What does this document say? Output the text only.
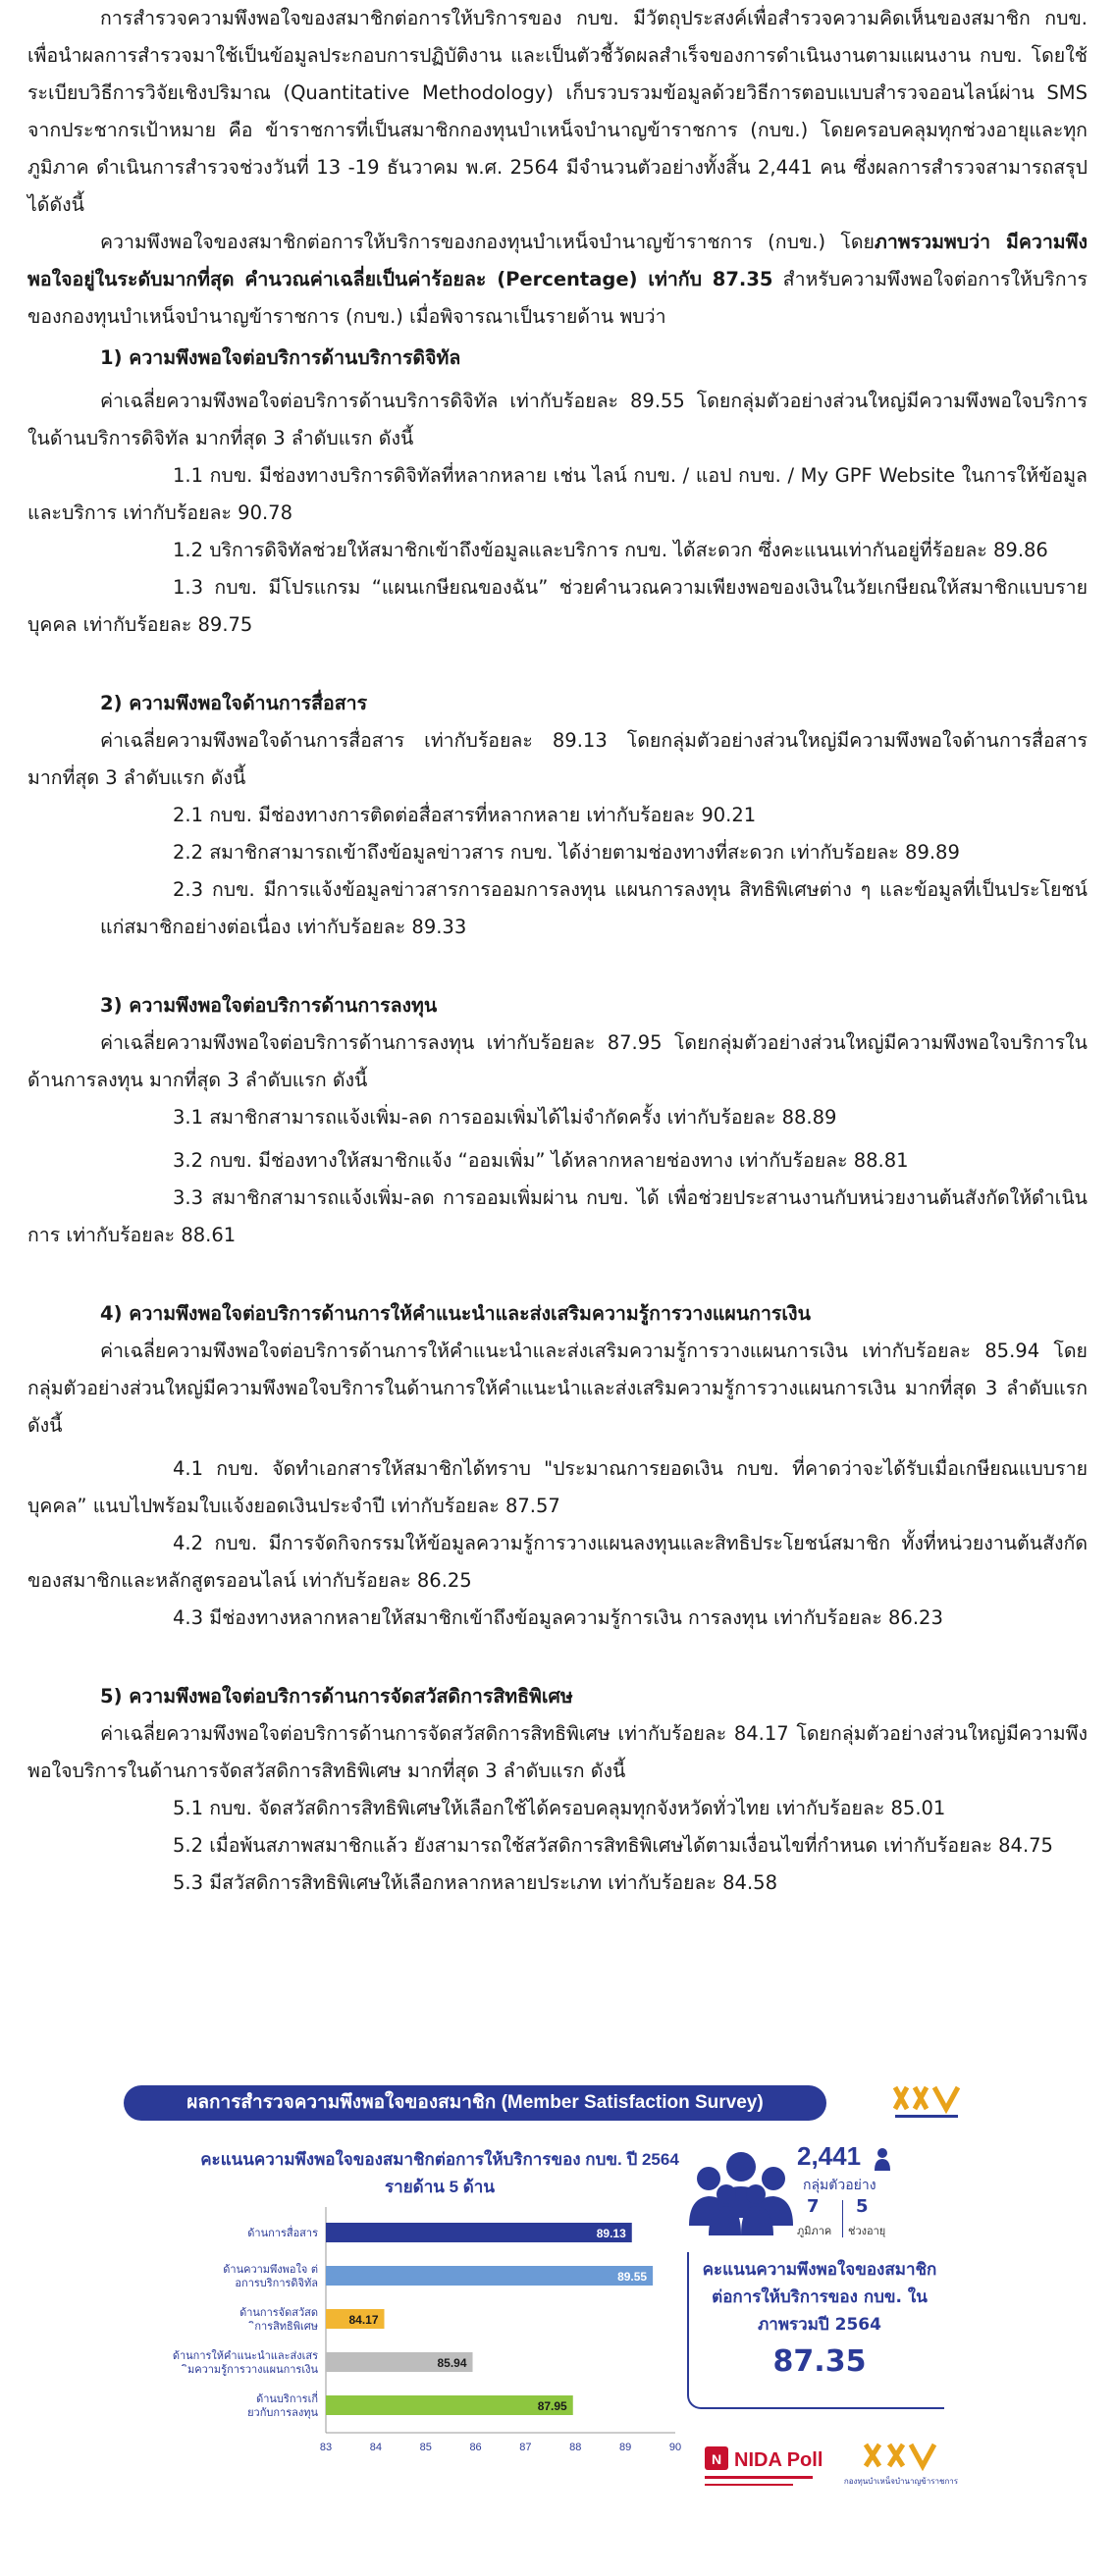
การสำรวจความพึงพอใจของสมาชิกต่อการให้บริการของ กบข. มีวัตถุประสงค์เพื่อสำรวจความคิดเห็นของสมาชิก กบข. เพื่อนำผลการสำรวจมาใช้เป็นข้อมูลประกอบการปฏิบัติงาน และเป็นตัวชี้วัดผลสำเร็จของการดำเนินงานตามแผนงาน กบข. โดยใช้ระเบียบวิธีการวิจัยเชิงปริมาณ (Quantitative Methodology) เก็บรวบรวมข้อมูลด้วยวิธีการตอบแบบสำรวจออนไลน์ผ่าน SMS จากประชากรเป้าหมาย คือ ข้าราชการที่เป็นสมาชิกกองทุนบำเหน็จบำนาญข้าราชการ (กบข.) โดยครอบคลุมทุกช่วงอายุและทุกภูมิภาค ดำเนินการสำรวจช่วงวันที่ 13 -19 ธันวาคม พ.ศ. 2564 มีจำนวนตัวอย่างทั้งสิ้น 2,441 คน ซึ่งผลการสำรวจสามารถสรุปได้ดังนี้

ความพึงพอใจของสมาชิกต่อการให้บริการของกองทุนบำเหน็จบำนาญข้าราชการ (กบข.) โดยภาพรวมพบว่า มีความพึงพอใจอยู่ในระดับมากที่สุด คำนวณค่าเฉลี่ยเป็นค่าร้อยละ (Percentage) เท่ากับ 87.35 สำหรับความพึงพอใจต่อการให้บริการของกองทุนบำเหน็จบำนาญข้าราชการ (กบข.) เมื่อพิจารณาเป็นรายด้าน พบว่า

1) ความพึงพอใจต่อบริการด้านบริการดิจิทัล

ค่าเฉลี่ยความพึงพอใจต่อบริการด้านบริการดิจิทัล เท่ากับร้อยละ 89.55 โดยกลุ่มตัวอย่างส่วนใหญ่มีความพึงพอใจบริการในด้านบริการดิจิทัล มากที่สุด 3 ลำดับแรก ดังนี้

1.1 กบข. มีช่องทางบริการดิจิทัลที่หลากหลาย เช่น ไลน์ กบข. / แอป กบข. / My GPF Website ในการให้ข้อมูลและบริการ เท่ากับร้อยละ 90.78

1.2 บริการดิจิทัลช่วยให้สมาชิกเข้าถึงข้อมูลและบริการ กบข. ได้สะดวก ซึ่งคะแนนเท่ากันอยู่ที่ร้อยละ 89.86

1.3 กบข. มีโปรแกรม “แผนเกษียณของฉัน” ช่วยคำนวณความเพียงพอของเงินในวัยเกษียณให้สมาชิกแบบรายบุคคล เท่ากับร้อยละ 89.75

2) ความพึงพอใจด้านการสื่อสาร

ค่าเฉลี่ยความพึงพอใจด้านการสื่อสาร เท่ากับร้อยละ 89.13 โดยกลุ่มตัวอย่างส่วนใหญ่มีความพึงพอใจด้านการสื่อสาร มากที่สุด 3 ลำดับแรก ดังนี้

2.1 กบข. มีช่องทางการติดต่อสื่อสารที่หลากหลาย เท่ากับร้อยละ 90.21

2.2 สมาชิกสามารถเข้าถึงข้อมูลข่าวสาร กบข. ได้ง่ายตามช่องทางที่สะดวก เท่ากับร้อยละ 89.89

2.3 กบข. มีการแจ้งข้อมูลข่าวสารการออมการลงทุน แผนการลงทุน สิทธิพิเศษต่าง ๆ และข้อมูลที่เป็นประโยชน์แก่สมาชิกอย่างต่อเนื่อง เท่ากับร้อยละ 89.33

3) ความพึงพอใจต่อบริการด้านการลงทุน

ค่าเฉลี่ยความพึงพอใจต่อบริการด้านการลงทุน เท่ากับร้อยละ 87.95 โดยกลุ่มตัวอย่างส่วนใหญ่มีความพึงพอใจบริการในด้านการลงทุน มากที่สุด 3 ลำดับแรก ดังนี้

3.1 สมาชิกสามารถแจ้งเพิ่ม-ลด การออมเพิ่มได้ไม่จำกัดครั้ง เท่ากับร้อยละ 88.89

3.2 กบข. มีช่องทางให้สมาชิกแจ้ง “ออมเพิ่ม” ได้หลากหลายช่องทาง เท่ากับร้อยละ 88.81

3.3 สมาชิกสามารถแจ้งเพิ่ม-ลด การออมเพิ่มผ่าน กบข. ได้ เพื่อช่วยประสานงานกับหน่วยงานต้นสังกัดให้ดำเนินการ เท่ากับร้อยละ 88.61

4) ความพึงพอใจต่อบริการด้านการให้คำแนะนำและส่งเสริมความรู้การวางแผนการเงิน

ค่าเฉลี่ยความพึงพอใจต่อบริการด้านการให้คำแนะนำและส่งเสริมความรู้การวางแผนการเงิน เท่ากับร้อยละ 85.94 โดยกลุ่มตัวอย่างส่วนใหญ่มีความพึงพอใจบริการในด้านการให้คำแนะนำและส่งเสริมความรู้การวางแผนการเงิน มากที่สุด 3 ลำดับแรก ดังนี้

4.1 กบข. จัดทำเอกสารให้สมาชิกได้ทราบ "ประมาณการยอดเงิน กบข. ที่คาดว่าจะได้รับเมื่อเกษียณแบบรายบุคคล” แนบไปพร้อมใบแจ้งยอดเงินประจำปี เท่ากับร้อยละ 87.57

4.2 กบข. มีการจัดกิจกรรมให้ข้อมูลความรู้การวางแผนลงทุนและสิทธิประโยชน์สมาชิก ทั้งที่หน่วยงานต้นสังกัดของสมาชิกและหลักสูตรออนไลน์ เท่ากับร้อยละ 86.25

4.3 มีช่องทางหลากหลายให้สมาชิกเข้าถึงข้อมูลความรู้การเงิน การลงทุน เท่ากับร้อยละ 86.23

5) ความพึงพอใจต่อบริการด้านการจัดสวัสดิการสิทธิพิเศษ

ค่าเฉลี่ยความพึงพอใจต่อบริการด้านการจัดสวัสดิการสิทธิพิเศษ เท่ากับร้อยละ 84.17 โดยกลุ่มตัวอย่างส่วนใหญ่มีความพึงพอใจบริการในด้านการจัดสวัสดิการสิทธิพิเศษ มากที่สุด 3 ลำดับแรก ดังนี้

5.1 กบข. จัดสวัสดิการสิทธิพิเศษให้เลือกใช้ได้ครอบคลุมทุกจังหวัดทั่วไทย เท่ากับร้อยละ 85.01

5.2 เมื่อพ้นสภาพสมาชิกแล้ว ยังสามารถใช้สวัสดิการสิทธิพิเศษได้ตามเงื่อนไขที่กำหนด เท่ากับร้อยละ 84.75

5.3 มีสวัสดิการสิทธิพิเศษให้เลือกหลากหลายประเภท เท่ากับร้อยละ 84.58

ผลการสำรวจความพึงพอใจของสมาชิก (Member Satisfaction Survey)
คะแนนความพึงพอใจของสมาชิกต่อการให้บริการของ กบข. ปี 2564
รายด้าน 5 ด้าน
89.13
ด้านการสื่อสาร
89.55
ด้านความพึงพอใจ ต่
อการบริการดิจิทัล
84.17
ด้านการจัดสวัสด
ิการสิทธิพิเศษ
85.94
ด้านการให้คำแนะนำและส่งเสร
ิมความรู้การวางแผนการเงิน
87.95
ด้านบริการเกี่
ยวกับการลงทุน
83	84	85	86	87	88	89	90
2,441
กลุ่มตัวอย่าง
7 5
ภูมิภาค ช่วงอายุ
คะแนนความพึงพอใจของสมาชิกต่อการให้บริการของ กบข. ในภาพรวมปี 2564
87.35
N NIDA Poll
กองทุนบำเหน็จบำนาญข้าราชการ
